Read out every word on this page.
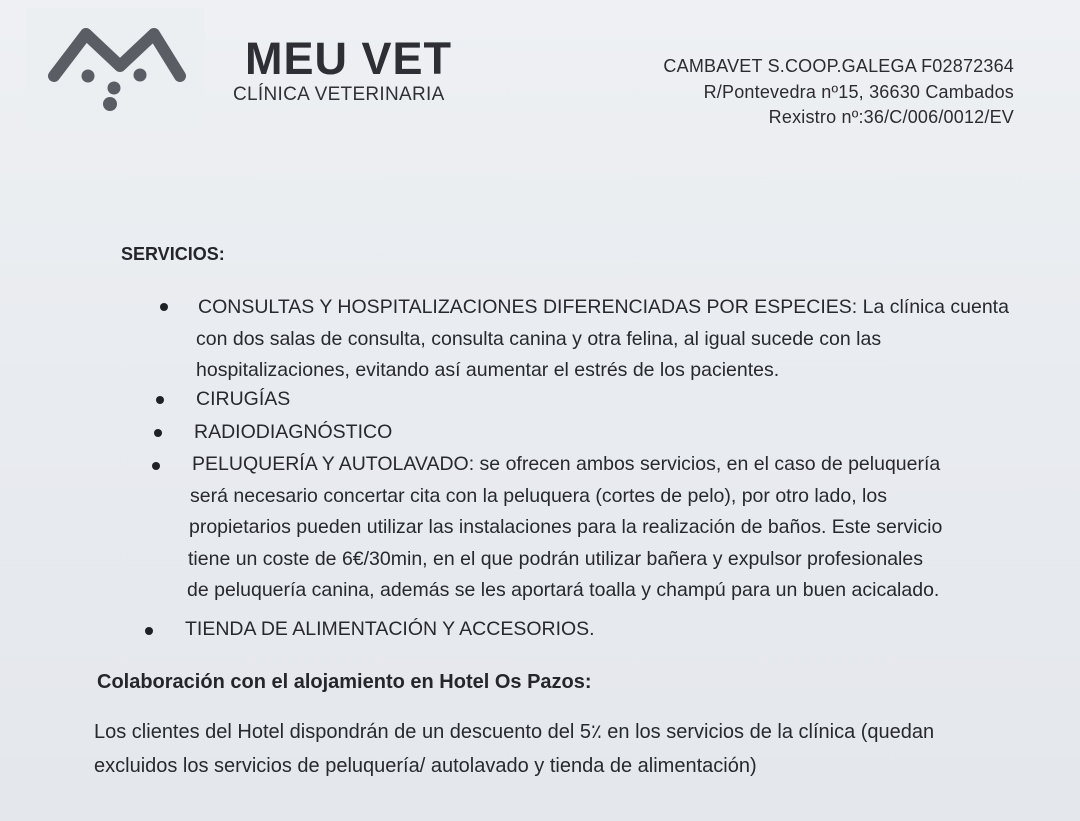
MEU VET
CLÍNICA VETERINARIA
CAMBAVET S.COOP.GALEGA F02872364
R/Pontevedra nº15, 36630 Cambados
Rexistro nº:36/C/006/0012/EV
SERVICIOS:
CONSULTAS Y HOSPITALIZACIONES DIFERENCIADAS POR ESPECIES: La clínica cuenta
con dos salas de consulta, consulta canina y otra felina, al igual sucede con las
hospitalizaciones, evitando así aumentar el estrés de los pacientes.
CIRUGÍAS
RADIODIAGNÓSTICO
PELUQUERÍA Y AUTOLAVADO: se ofrecen ambos servicios, en el caso de peluquería
será necesario concertar cita con la peluquera (cortes de pelo), por otro lado, los
propietarios pueden utilizar las instalaciones para la realización de baños. Este servicio
tiene un coste de 6€/30min, en el que podrán utilizar bañera y expulsor profesionales
de peluquería canina, además se les aportará toalla y champú para un buen acicalado.
TIENDA DE ALIMENTACIÓN Y ACCESORIOS.
Colaboración con el alojamiento en Hotel Os Pazos:
Los clientes del Hotel dispondrán de un descuento del 5٪ en los servicios de la clínica (quedan
excluidos los servicios de peluquería/ autolavado y tienda de alimentación)
